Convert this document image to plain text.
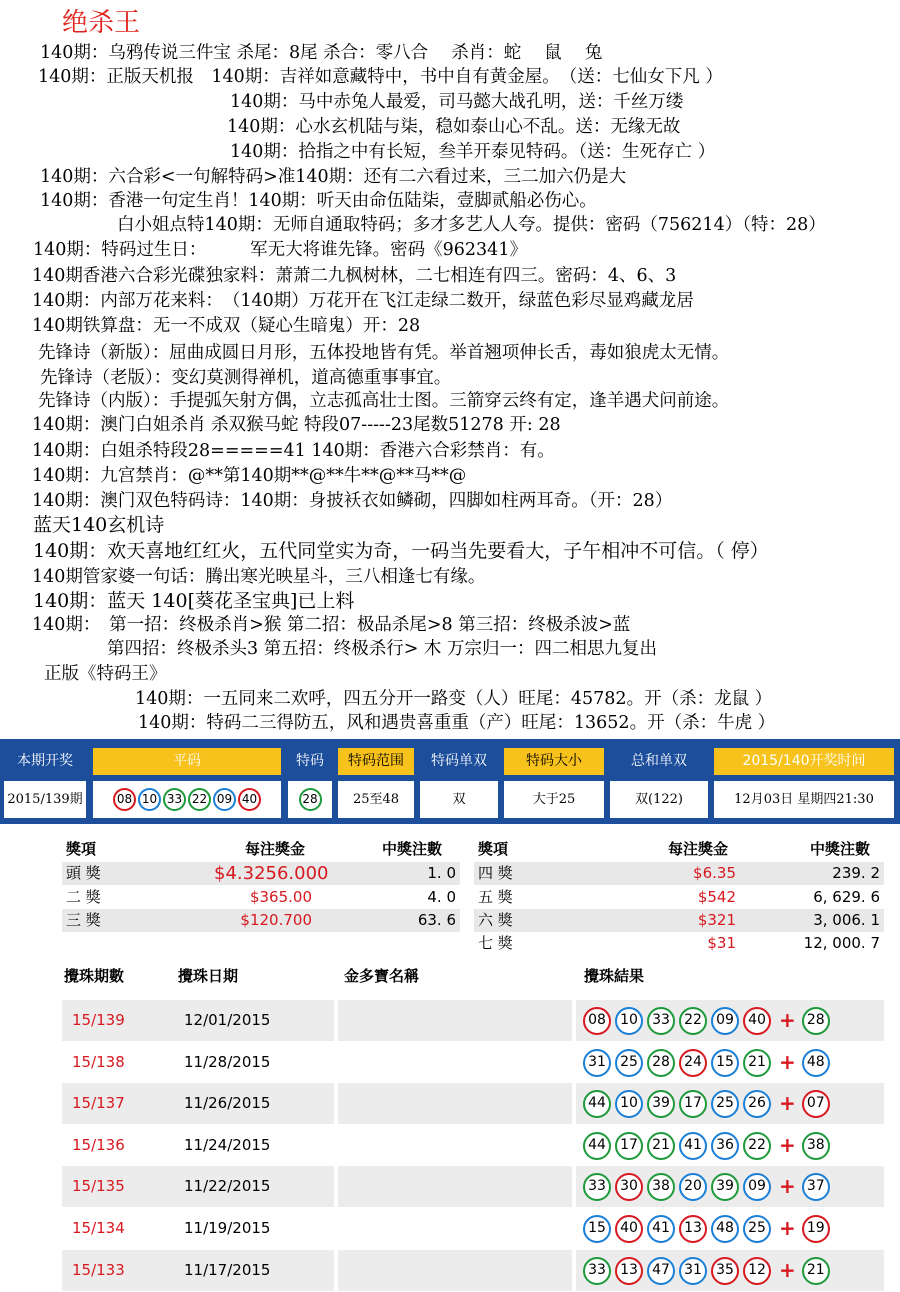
绝杀王
140期：乌鸦传说三件宝 杀尾：8尾 杀合：零八合　 杀肖：蛇 　鼠 　兔
140期：正版天机报　140期：吉祥如意藏特中，书中自有黄金屋。　（送：七仙女下凡 ）
140期：马中赤兔人最爱，司马懿大战孔明，送：千丝万缕
140期：心水玄机陆与柒，稳如泰山心不乱。送：无缘无故
140期：拾指之中有长短，叁羊开泰见特码。（送：生死存亡 ）
140期：六合彩<一句解特码>准140期：还有二六看过来，三二加六仍是大
140期：香港一句定生肖！140期：听天由命伍陆柒，壹脚贰船必伤心。
白小姐点特140期：无师自通取特码；多才多艺人人夸。提供：密码（756214）（特：28）
140期：特码过生日：　　　军无大将谁先锋。密码《962341》
140期香港六合彩光碟独家料：萧萧二九枫树林，二七相连有四三。密码：4、6、3
140期：内部万花来料：　（140期）万花开在飞江走绿二数开，绿蓝色彩尽显鸡藏龙居
140期铁算盘：无一不成双（疑心生暗鬼）开：28
先锋诗（新版）：屈曲成圆日月形，五体投地皆有凭。举首翘项伸长舌，毒如狼虎太无情。
先锋诗（老版）：变幻莫测得禅机，道高德重事事宜。
先锋诗（内版）：手提弧矢射方偶，立志孤高壮士图。三箭穿云终有定，逢羊遇犬问前途。
140期：澳门白姐杀肖 杀双猴马蛇 特段07-----23尾数51278 开: 28
140期：白姐杀特段28=====41 140期：香港六合彩禁肖：有。
140期：九宫禁肖：@**第140期**@**牛**@**马**@
140期：澳门双色特码诗：140期：身披袄衣如鳞砌，四脚如柱两耳奇。（开：28）
蓝天140玄机诗
140期：欢天喜地红红火，五代同堂实为奇，一码当先要看大，子午相冲不可信。（ 停）
140期管家婆一句话：腾出寒光映星斗，三八相逢七有缘。
140期：蓝天 140[葵花圣宝典]已上料
140期：　第一招：终极杀肖>猴 第二招：极品杀尾>8 第三招：终极杀波>蓝
第四招：终极杀头3 第五招：终极杀行> 木 万宗归一：四二相思九复出
正版《特码王》
140期：一五同来二欢呼，四五分开一路变（人）旺尾：45782。开（杀：龙鼠 ）
140期：特码二三得防五，风和遇贵喜重重（产）旺尾：13652。开（杀：牛虎 ）
本期开奖	平码	特码	特码范围	特码单双	特码大小	总和单双	2015/140开奖时间
2015/139期	08 10 33 22 09 40	28	25至48	双	大于25	双(122)	12月03日 星期四21:30
獎項	每注獎金	中獎注數 獎項	每注獎金	中獎注數
頭 獎	$4.3256.000	1. 0
二 獎	$365.00	4. 0
三 獎	$120.700	63. 6
四 獎	$6.35	239. 2
五 獎	$542	6, 629. 6
六 獎	$321	3, 006. 1
七 獎	$31	12, 000. 7
攪珠期數	攪珠日期	金多寶名稱	攪珠結果
15/139	12/01/2015	08	10	33	22	09	40 + 28
15/138	11/28/2015	31	25	28	24	15	21 + 48
15/137	11/26/2015	44	10	39	17	25	26 + 07
15/136	11/24/2015	44	17	21	41	36	22 + 38
15/135	11/22/2015	33	30	38	20	39	09 + 37
15/134	11/19/2015	15	40	41	13	48	25 + 19
15/133	11/17/2015	33	13	47	31	35	12 + 21
